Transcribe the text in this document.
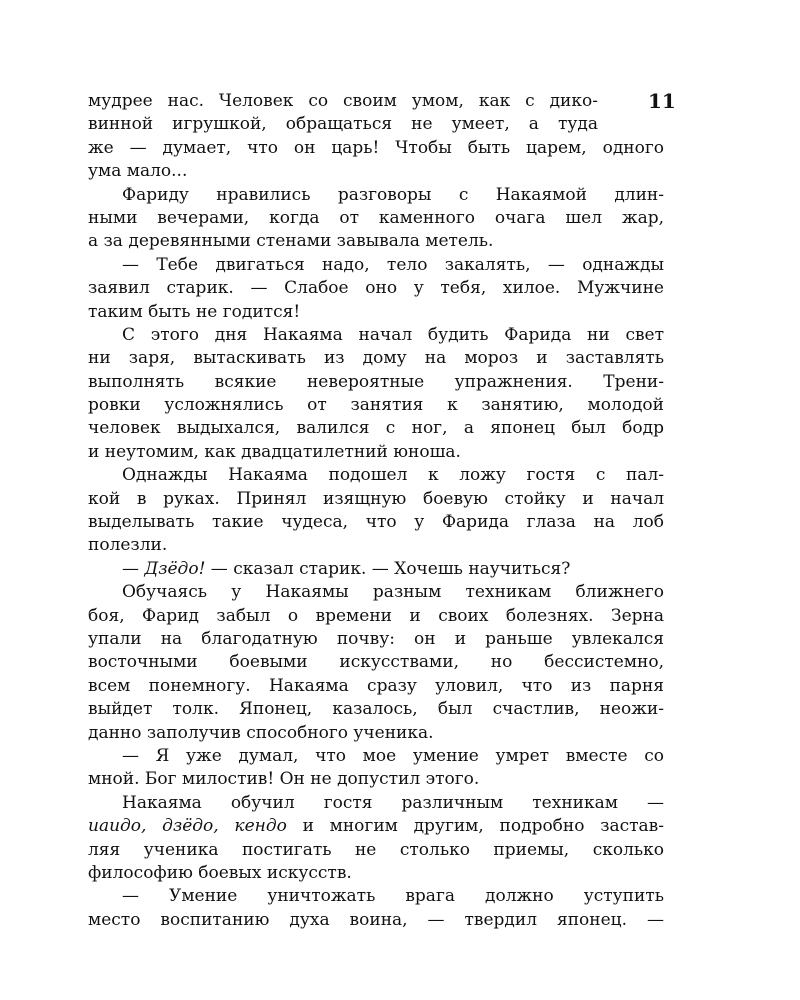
11
мудрее нас. Человек со своим умом, как с дико-
винной игрушкой, обращаться не умеет, а туда
же — думает, что он царь! Чтобы быть царем, одного
ума мало...
Фариду нравились разговоры с Накаямой длин-
ными вечерами, когда от каменного очага шел жар,
а за деревянными стенами завывала метель.
— Тебе двигаться надо, тело закалять, — однажды
заявил старик. — Слабое оно у тебя, хилое. Мужчине
таким быть не годится!
С этого дня Накаяма начал будить Фарида ни свет
ни заря, вытаскивать из дому на мороз и заставлять
выполнять всякие невероятные упражнения. Трени-
ровки усложнялись от занятия к занятию, молодой
человек выдыхался, валился с ног, а японец был бодр
и неутомим, как двадцатилетний юноша.
Однажды Накаяма подошел к ложу гостя с пал-
кой в руках. Принял изящную боевую стойку и начал
выделывать такие чудеса, что у Фарида глаза на лоб
полезли.
— Дзёдо! — сказал старик. — Хочешь научиться?
Обучаясь у Накаямы разным техникам ближнего
боя, Фарид забыл о времени и своих болезнях. Зерна
упали на благодатную почву: он и раньше увлекался
восточными боевыми искусствами, но бессистемно,
всем понемногу. Накаяма сразу уловил, что из парня
выйдет толк. Японец, казалось, был счастлив, неожи-
данно заполучив способного ученика.
— Я уже думал, что мое умение умрет вместе со
мной. Бог милостив! Он не допустил этого.
Накаяма обучил гостя различным техникам —
иаидо, дзёдо, кендо и многим другим, подробно застав-
ляя ученика постигать не столько приемы, сколько
философию боевых искусств.
— Умение уничтожать врага должно уступить
место воспитанию духа воина, — твердил японец. —
